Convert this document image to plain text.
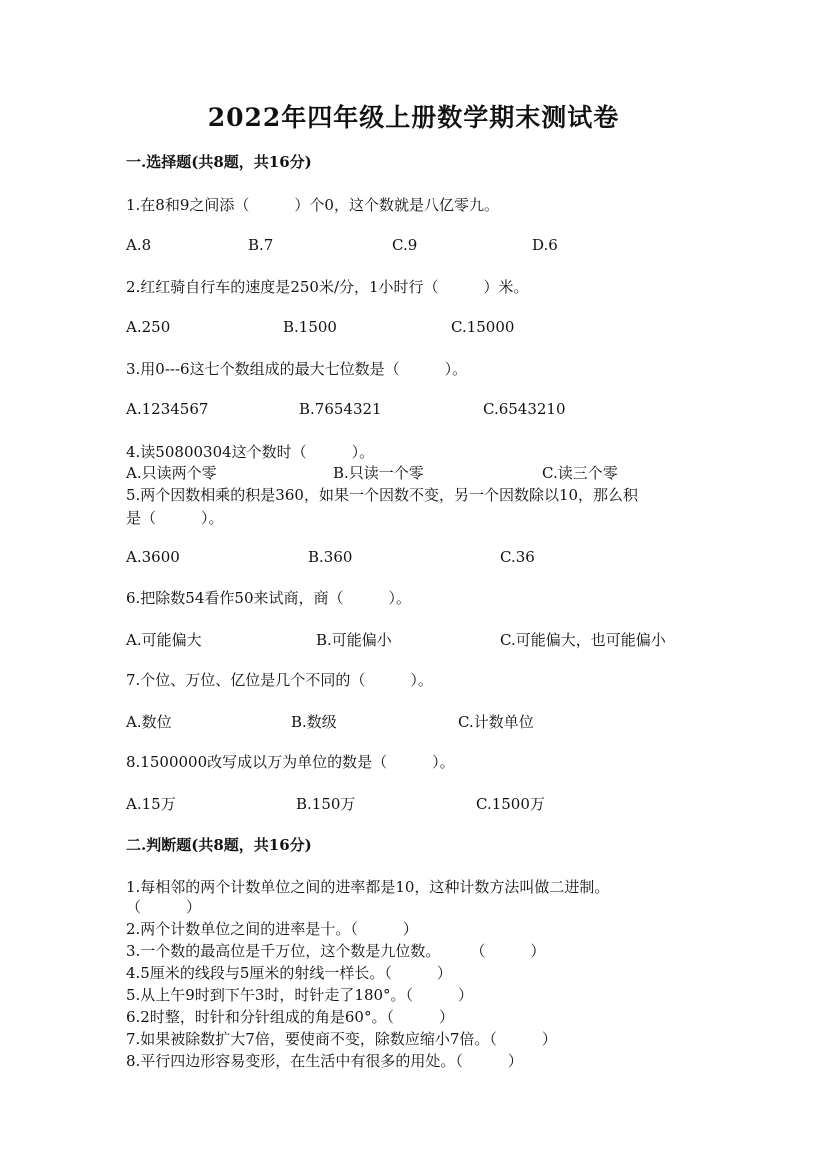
2022年四年级上册数学期末测试卷
一.选择题(共8题，共16分)
1.在8和9之间添（　　　）个0，这个数就是八亿零九。
A.8	B.7	C.9	D.6
2.红红骑自行车的速度是250米/分，1小时行（　　　）米。
A.250	B.1500	C.15000
3.用0---6这七个数组成的最大七位数是（　　　）。
A.1234567	B.7654321	C.6543210
4.读50800304这个数时（　　　）。
A.只读两个零	B.只读一个零	C.读三个零
5.两个因数相乘的积是360，如果一个因数不变，另一个因数除以10，那么积
是（　　　）。
A.3600	B.360	C.36
6.把除数54看作50来试商，商（　　　）。
A.可能偏大	B.可能偏小	C.可能偏大，也可能偏小
7.个位、万位、亿位是几个不同的（　　　）。
A.数位	B.数级	C.计数单位
8.1500000改写成以万为单位的数是（　　　）。
A.15万	B.150万	C.1500万
二.判断题(共8题，共16分)
1.每相邻的两个计数单位之间的进率都是10，这种计数方法叫做二进制。
（　　　）
2.两个计数单位之间的进率是十。（　　　）
3.一个数的最高位是千万位，这个数是九位数。　　　（　　　）
4.5厘米的线段与5厘米的射线一样长。（　　　）
5.从上午9时到下午3时，时针走了180°。（　　　）
6.2时整，时针和分针组成的角是60°。（　　　）
7.如果被除数扩大7倍，要使商不变，除数应缩小7倍。（　　　）
8.平行四边形容易变形，在生活中有很多的用处。（　　　）
